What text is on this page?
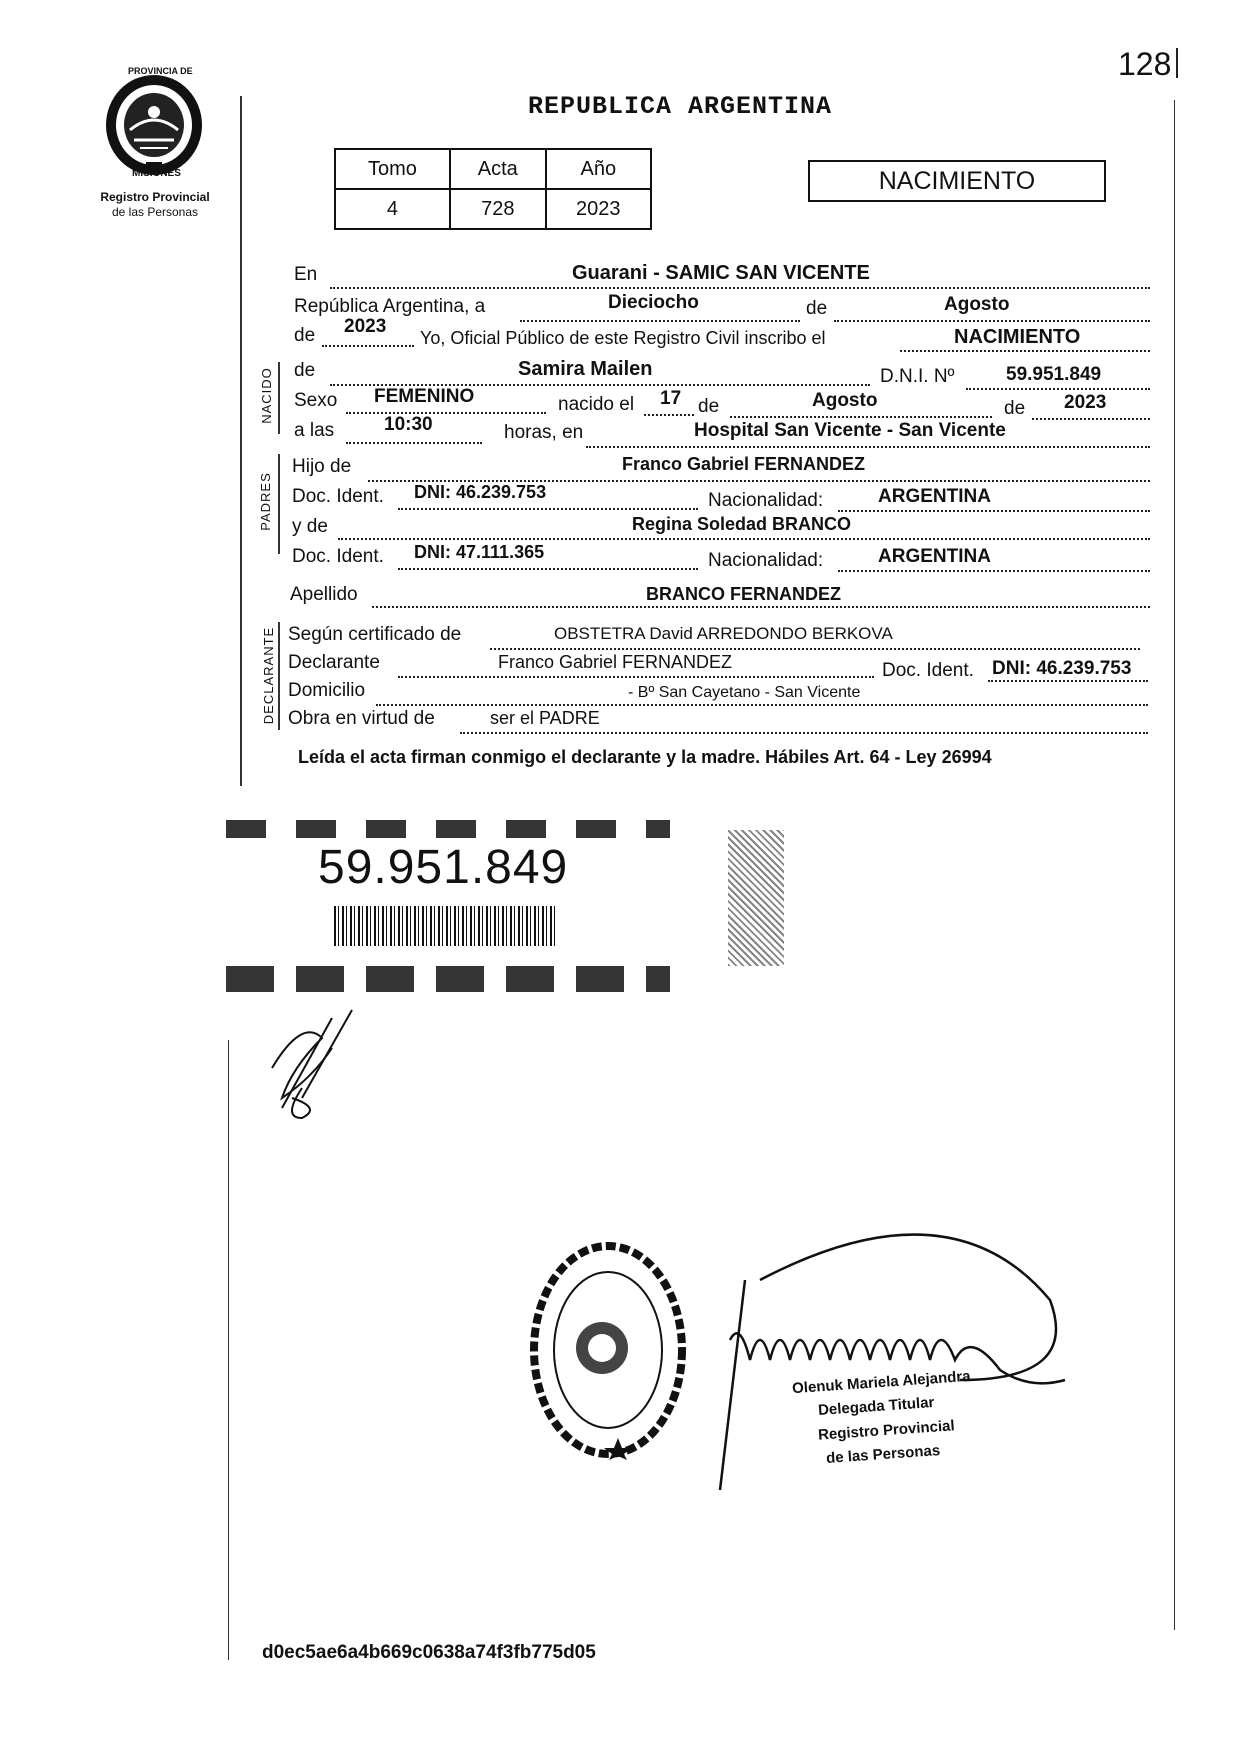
128
PROVINCIA DE
MISIONES
Registro Provincial
de las Personas
REPUBLICA ARGENTINA
Tomo	Acta	Año
4	728	2023
NACIMIENTO
NACIDO
PADRES
DECLARANTE
En	Guarani - SAMIC SAN VICENTE
República Argentina, a	Dieciocho	de	Agosto
de 2023
Yo, Oficial Público de este Registro Civil inscribo el	NACIMIENTO
de	Samira Mailen	D.N.I. Nº	59.951.849
Sexo FEMENINO	nacido el 17 de	Agosto	de 2023
a las	10:30	horas, en	Hospital San Vicente - San Vicente
Hijo de	Franco Gabriel FERNANDEZ
Doc. Ident. DNI: 46.239.753	Nacionalidad:	ARGENTINA
y de	Regina Soledad BRANCO
Doc. Ident. DNI: 47.111.365	Nacionalidad:	ARGENTINA
Apellido	BRANCO FERNANDEZ
Según certificado de	OBSTETRA David ARREDONDO BERKOVA
Declarante	Franco Gabriel FERNANDEZ	Doc. Ident. DNI: 46.239.753
Domicilio	- Bº San Cayetano - San Vicente
Obra en virtud de	ser el PADRE
Leída el acta firman conmigo el declarante y la madre. Hábiles Art. 64 - Ley 26994
59.951.849
Olenuk Mariela Alejandra
Delegada Titular
Registro Provincial
de las Personas
d0ec5ae6a4b669c0638a74f3fb775d05
